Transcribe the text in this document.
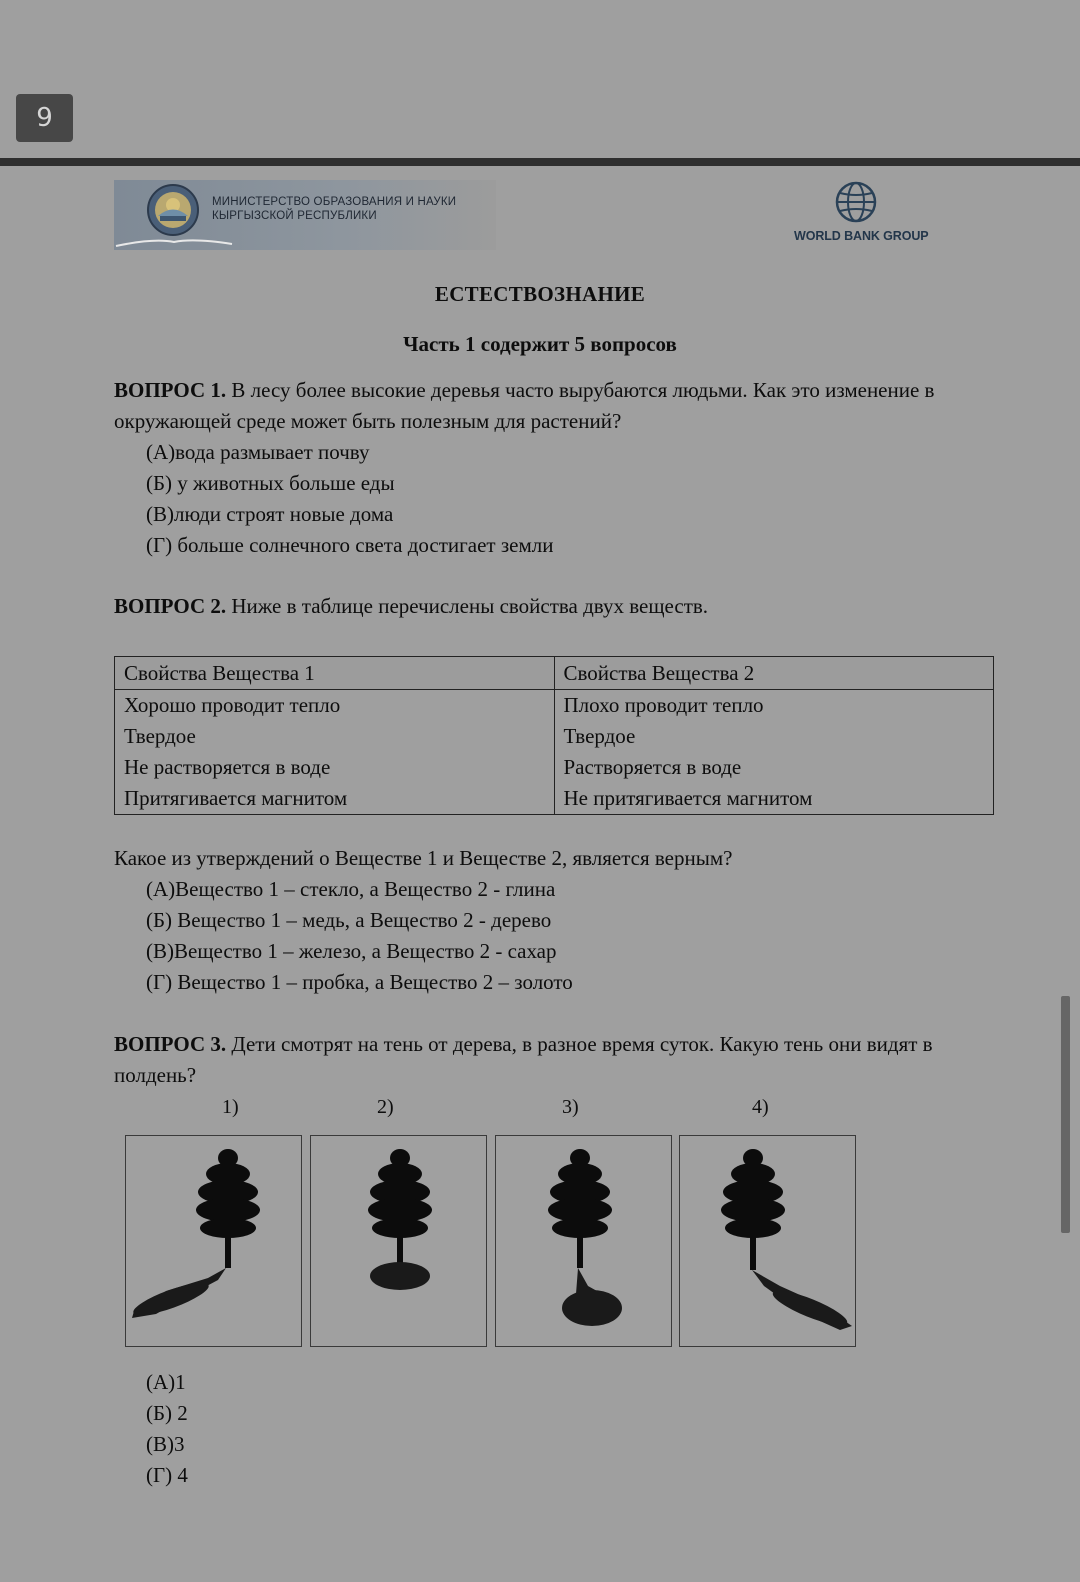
9
МИНИСТЕРСТВО ОБРАЗОВАНИЯ И НАУКИ
КЫРГЫЗСКОЙ РЕСПУБЛИКИ
WORLD BANK GROUP
ЕСТЕСТВОЗНАНИЕ
Часть 1 содержит 5 вопросов
ВОПРОС 1. В лесу более высокие деревья часто вырубаются людьми. Как это изменение в окружающей среде может быть полезным для растений?
(А)вода размывает почву
(Б) у животных больше еды
(В)люди строят новые дома
(Г) больше солнечного света достигает земли
ВОПРОС 2. Ниже в таблице перечислены свойства двух веществ.
Свойства Вещества 1	Свойства Вещества 2
Хорошо проводит тепло	Плохо проводит тепло
Твердое	Твердое
Не растворяется в воде	Растворяется в воде
Притягивается магнитом	Не притягивается магнитом
Какое из утверждений о Веществе 1 и Веществе 2, является верным?
(А)Вещество 1 – стекло, а Вещество 2 - глина
(Б) Вещество 1 – медь, а Вещество 2 - дерево
(В)Вещество 1 – железо, а Вещество 2 - сахар
(Г) Вещество 1 – пробка, а Вещество 2 – золото
ВОПРОС 3. Дети смотрят на тень от дерева, в разное время суток. Какую тень они видят в полдень?
1)	2)	3)	4)
(А)1
(Б) 2
(В)3
(Г) 4
